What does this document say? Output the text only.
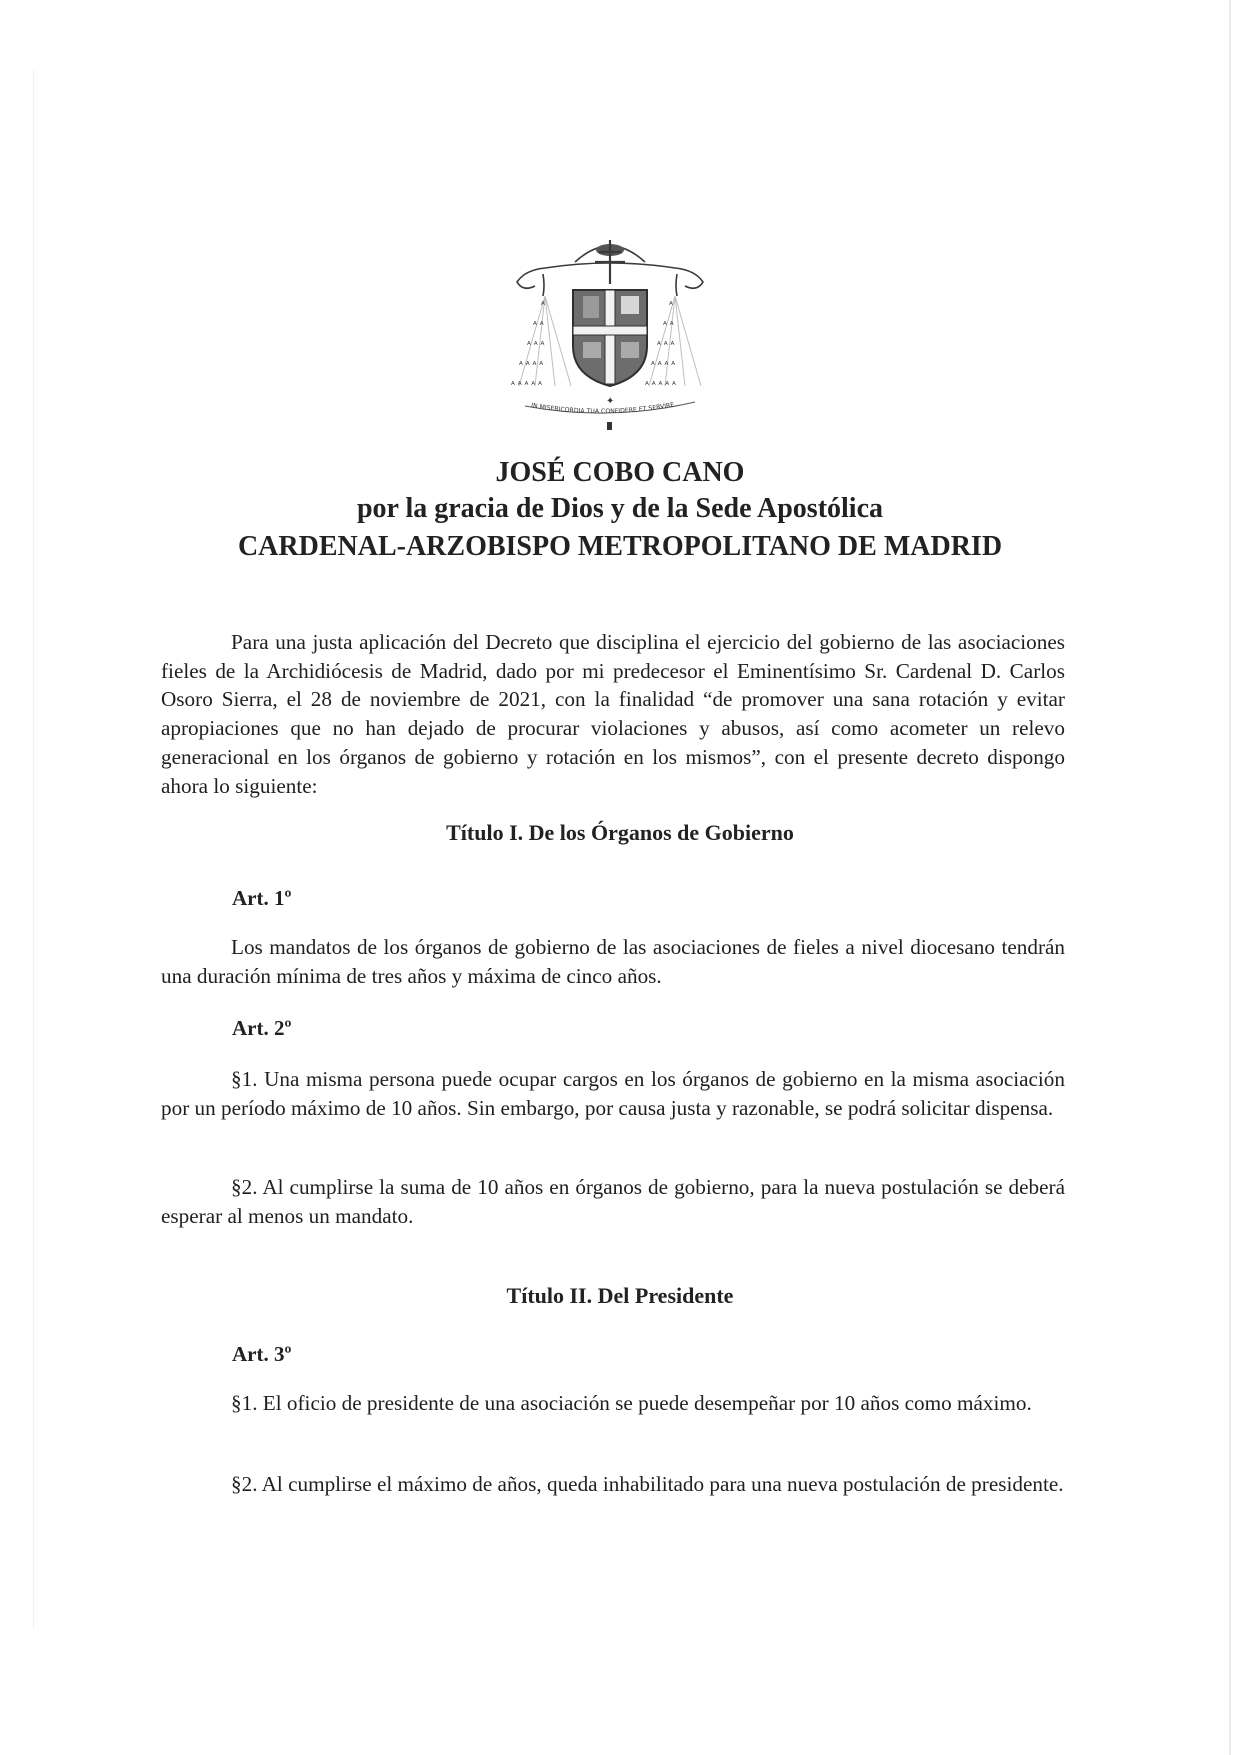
ᴬ
ᴬ ᴬ
ᴬ ᴬ ᴬ
ᴬ ᴬ ᴬ ᴬ
ᴬ ᴬ ᴬ ᴬ ᴬ
ᴬ
ᴬ ᴬ
ᴬ ᴬ ᴬ
ᴬ ᴬ ᴬ ᴬ
ᴬ ᴬ ᴬ ᴬ ᴬ
✦
IN MISERICORDIA TUA CONFIDERE ET SERVIRE
JOSÉ COBO CANO
por la gracia de Dios y de la Sede Apostólica
CARDENAL-ARZOBISPO METROPOLITANO DE MADRID
Para una justa aplicación del Decreto que disciplina el ejercicio del gobierno de las asociaciones fieles de la Archidiócesis de Madrid, dado por mi predecesor el Eminentísimo Sr. Cardenal D. Carlos Osoro Sierra, el 28 de noviembre de 2021, con la finalidad “de promover una sana rotación y evitar apropiaciones que no han dejado de procurar violaciones y abusos, así como acometer un relevo generacional en los órganos de gobierno y rotación en los mismos”, con el presente decreto dispongo ahora lo siguiente:
Título I. De los Órganos de Gobierno
Art. 1º
Los mandatos de los órganos de gobierno de las asociaciones de fieles a nivel diocesano tendrán una duración mínima de tres años y máxima de cinco años.
Art. 2º
§1. Una misma persona puede ocupar cargos en los órganos de gobierno en la misma asociación por un período máximo de 10 años. Sin embargo, por causa justa y razonable, se podrá solicitar dispensa.
§2. Al cumplirse la suma de 10 años en órganos de gobierno, para la nueva postulación se deberá esperar al menos un mandato.
Título II. Del Presidente
Art. 3º
§1. El oficio de presidente de una asociación se puede desempeñar por 10 años como máximo.
§2. Al cumplirse el máximo de años, queda inhabilitado para una nueva postulación de presidente.
